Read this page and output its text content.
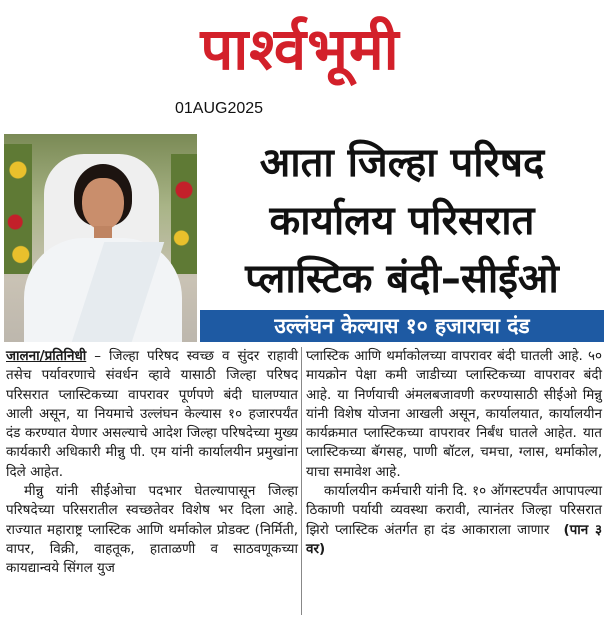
पार्श्वभूमी
01AUG2025
आता जिल्हा परिषद
कार्यालय परिसरात
प्लास्टिक बंदी–सीईओ
उल्लंघन केल्यास १० हजाराचा दंड

जालना/प्रतिनिधी – जिल्हा परिषद स्वच्छ व सुंदर राहावी तसेच पर्यावरणाचे संवर्धन व्हावे यासाठी जिल्हा परिषद परिसरात प्लास्टिकच्या वापरावर पूर्णपणे बंदी घालण्यात आली असून, या नियमाचे उल्लंघन केल्यास १० हजारपर्यंत दंड करण्यात येणार असल्याचे आदेश जिल्हा परिषदेच्या मुख्य कार्यकारी अधिकारी मीन्नु पी. एम यांनी कार्यालयीन प्रमुखांना दिले आहेत.

मीन्नु यांनी सीईओचा पदभार घेतल्यापासून जिल्हा परिषदेच्या परिसरातील स्वच्छतेवर विशेष भर दिला आहे. राज्यात महाराष्ट्र प्लास्टिक आणि थर्माकोल प्रोडक्ट (निर्मिती, वापर, विक्री, वाहतूक, हाताळणी व साठवणूकच्या कायद्यान्वये सिंगल युज

प्लास्टिक आणि थर्माकोलच्या वापरावर बंदी घातली आहे. ५० मायक्रोन पेक्षा कमी जाडीच्या प्लास्टिकच्या वापरावर बंदी आहे. या निर्णयाची अंमलबजावणी करण्यासाठी सीईओ मिन्नु यांनी विशेष योजना आखली असून, कार्यालयात, कार्यालयीन कार्यक्रमात प्लास्टिकच्या वापरावर निर्बंध घातले आहेत. यात प्लास्टिकच्या बॅगसह, पाणी बॉटल, चमचा, ग्लास, थर्माकोल, याचा समावेश आहे.

कार्यालयीन कर्मचारी यांनी दि. १० ऑगस्टपर्यंत आपापल्या ठिकाणी पर्यायी व्यवस्था करावी, त्यानंतर जिल्हा परिसरात झिरो प्लास्टिक अंतर्गत हा दंड आकाराला जाणार (पान ३ वर)
